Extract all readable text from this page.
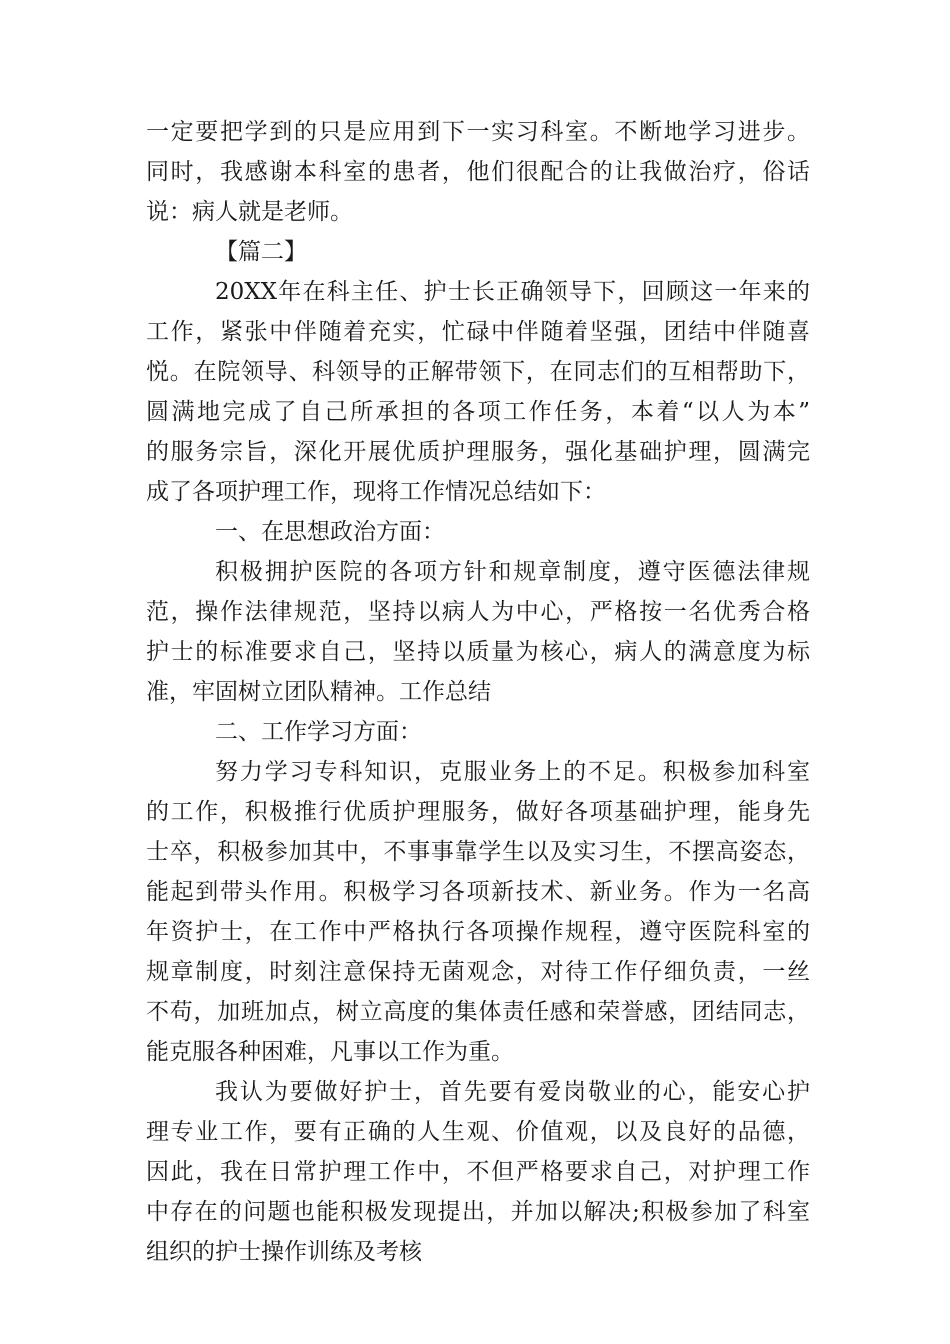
一定要把学到的只是应用到下一实习科室。不断地学习进步。
同时，我感谢本科室的患者，他们很配合的让我做治疗，俗话
说：病人就是老师。
【篇二】
20XX年在科主任、护士长正确领导下，回顾这一年来的
工作，紧张中伴随着充实，忙碌中伴随着坚强，团结中伴随喜
悦。在院领导、科领导的正解带领下，在同志们的互相帮助下，
圆满地完成了自己所承担的各项工作任务，本着“以人为本”
的服务宗旨，深化开展优质护理服务，强化基础护理，圆满完
成了各项护理工作，现将工作情况总结如下：
一、在思想政治方面：
积极拥护医院的各项方针和规章制度，遵守医德法律规
范，操作法律规范，坚持以病人为中心，严格按一名优秀合格
护士的标准要求自己，坚持以质量为核心，病人的满意度为标
准，牢固树立团队精神。工作总结
二、工作学习方面：
努力学习专科知识，克服业务上的不足。积极参加科室
的工作，积极推行优质护理服务，做好各项基础护理，能身先
士卒，积极参加其中，不事事靠学生以及实习生，不摆高姿态，
能起到带头作用。积极学习各项新技术、新业务。作为一名高
年资护士，在工作中严格执行各项操作规程，遵守医院科室的
规章制度，时刻注意保持无菌观念，对待工作仔细负责，一丝
不苟，加班加点，树立高度的集体责任感和荣誉感，团结同志，
能克服各种困难，凡事以工作为重。
我认为要做好护士，首先要有爱岗敬业的心，能安心护
理专业工作，要有正确的人生观、价值观，以及良好的品德，
因此，我在日常护理工作中，不但严格要求自己，对护理工作
中存在的问题也能积极发现提出，并加以解决;积极参加了科室
组织的护士操作训练及考核
